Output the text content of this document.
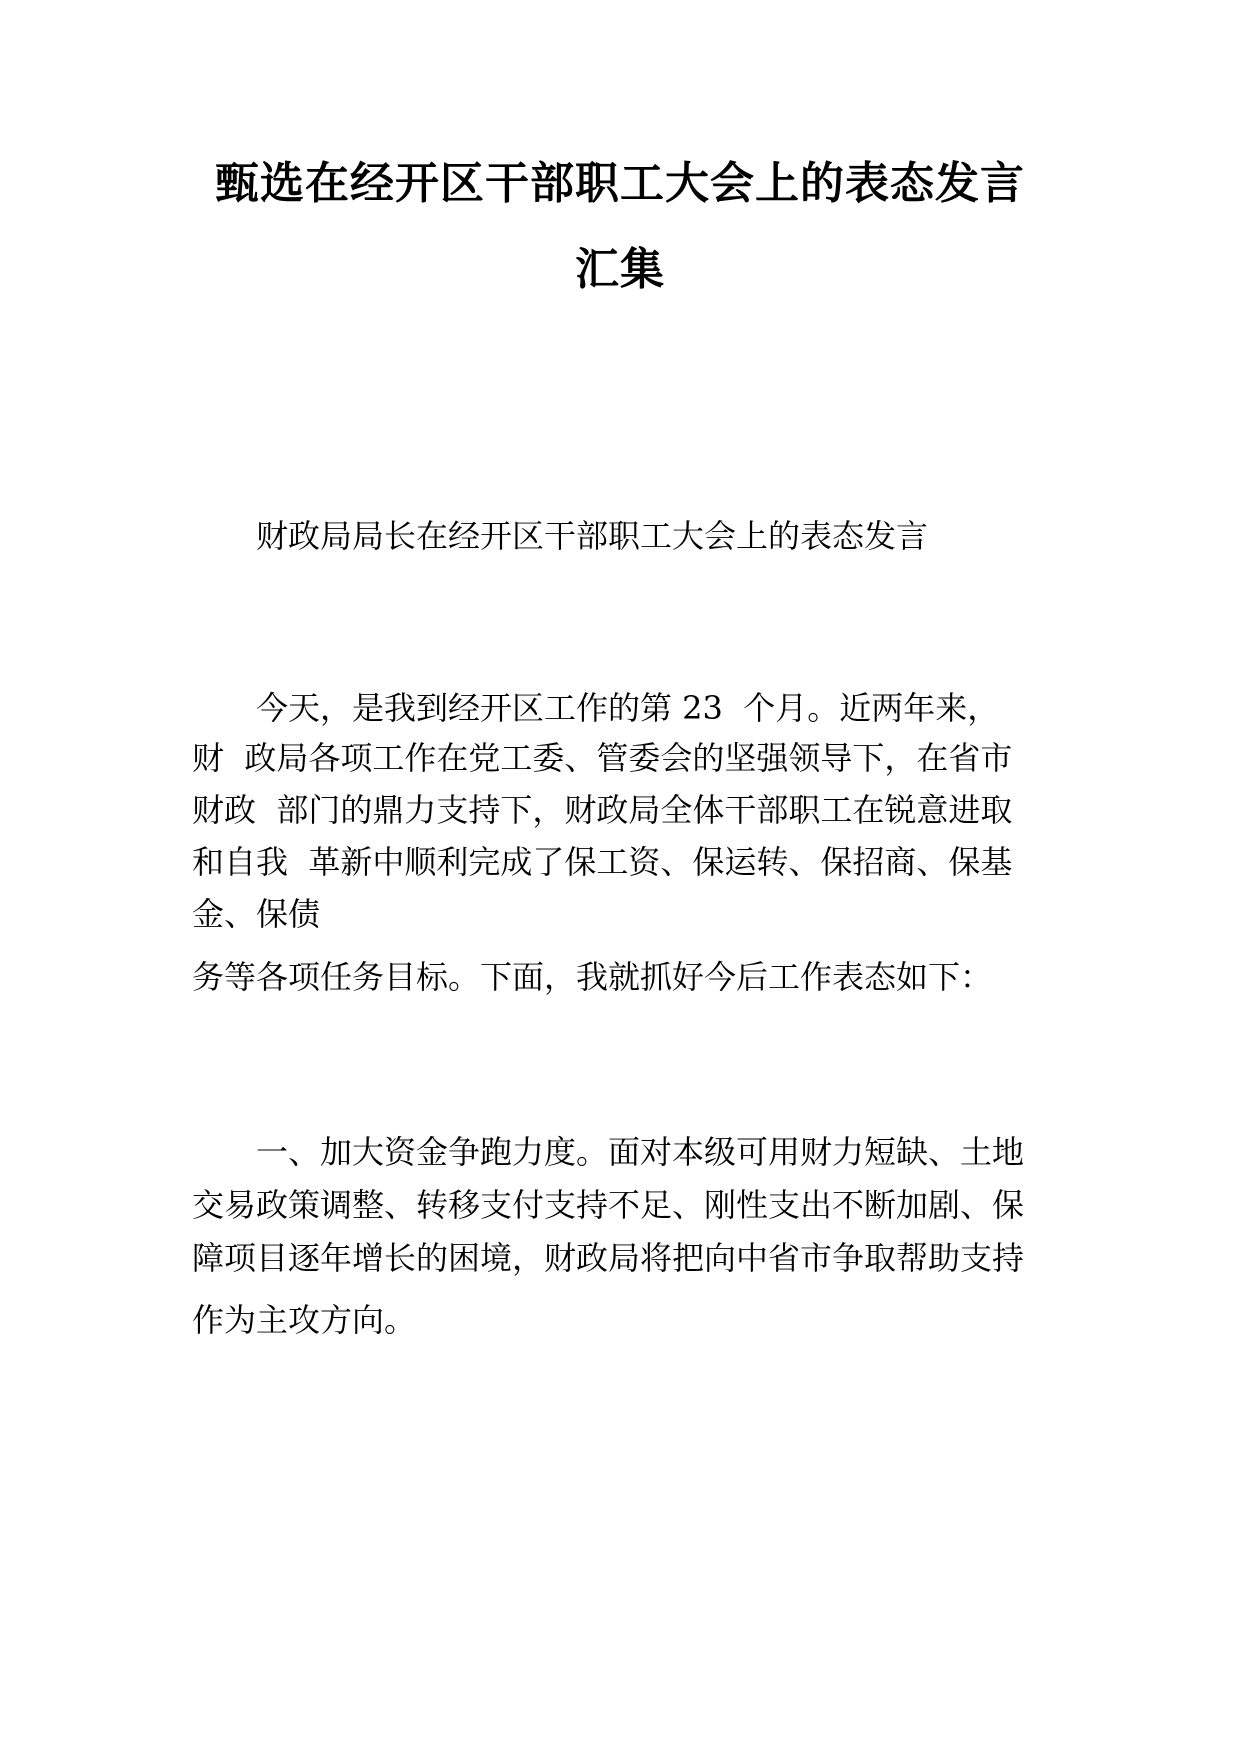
甄选在经开区干部职工大会上的表态发言
汇集

财政局局长在经开区干部职工大会上的表态发言

今天，是我到经开区工作的第 23  个月。近两年来，

财  政局各项工作在党工委、管委会的坚强领导下，在省市

财政  部门的鼎力支持下，财政局全体干部职工在锐意进取

和自我  革新中顺利完成了保工资、保运转、保招商、保基

金、保债

务等各项任务目标。下面，我就抓好今后工作表态如下：

一、加大资金争跑力度。面对本级可用财力短缺、土地

交易政策调整、转移支付支持不足、刚性支出不断加剧、保

障项目逐年增长的困境，财政局将把向中省市争取帮助支持

作为主攻方向。
